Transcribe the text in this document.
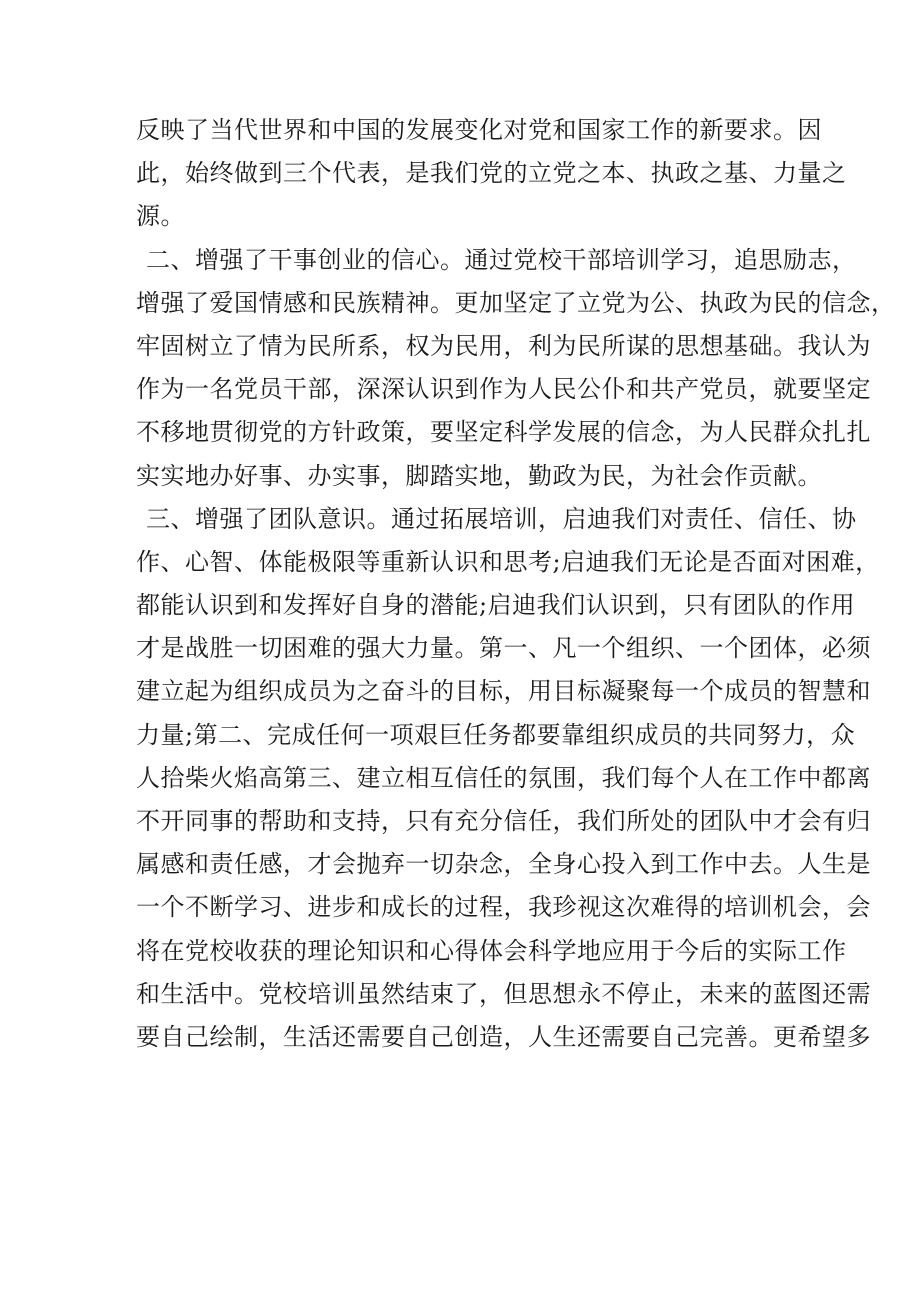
反映了当代世界和中国的发展变化对党和国家工作的新要求。因
此，始终做到三个代表，是我们党的立党之本、执政之基、力量之
源。
二、增强了干事创业的信心。通过党校干部培训学习，追思励志，
增强了爱国情感和民族精神。更加坚定了立党为公、执政为民的信念，
牢固树立了情为民所系，权为民用，利为民所谋的思想基础。我认为
作为一名党员干部，深深认识到作为人民公仆和共产党员，就要坚定
不移地贯彻党的方针政策，要坚定科学发展的信念，为人民群众扎扎
实实地办好事、办实事，脚踏实地，勤政为民，为社会作贡献。
三、增强了团队意识。通过拓展培训，启迪我们对责任、信任、协
作、心智、体能极限等重新认识和思考;启迪我们无论是否面对困难，
都能认识到和发挥好自身的潜能;启迪我们认识到，只有团队的作用
才是战胜一切困难的强大力量。第一、凡一个组织、一个团体，必须
建立起为组织成员为之奋斗的目标，用目标凝聚每一个成员的智慧和
力量;第二、完成任何一项艰巨任务都要靠组织成员的共同努力，众
人拾柴火焰高第三、建立相互信任的氛围，我们每个人在工作中都离
不开同事的帮助和支持，只有充分信任，我们所处的团队中才会有归
属感和责任感，才会抛弃一切杂念，全身心投入到工作中去。人生是
一个不断学习、进步和成长的过程，我珍视这次难得的培训机会，会
将在党校收获的理论知识和心得体会科学地应用于今后的实际工作
和生活中。党校培训虽然结束了，但思想永不停止，未来的蓝图还需
要自己绘制，生活还需要自己创造，人生还需要自己完善。更希望多
